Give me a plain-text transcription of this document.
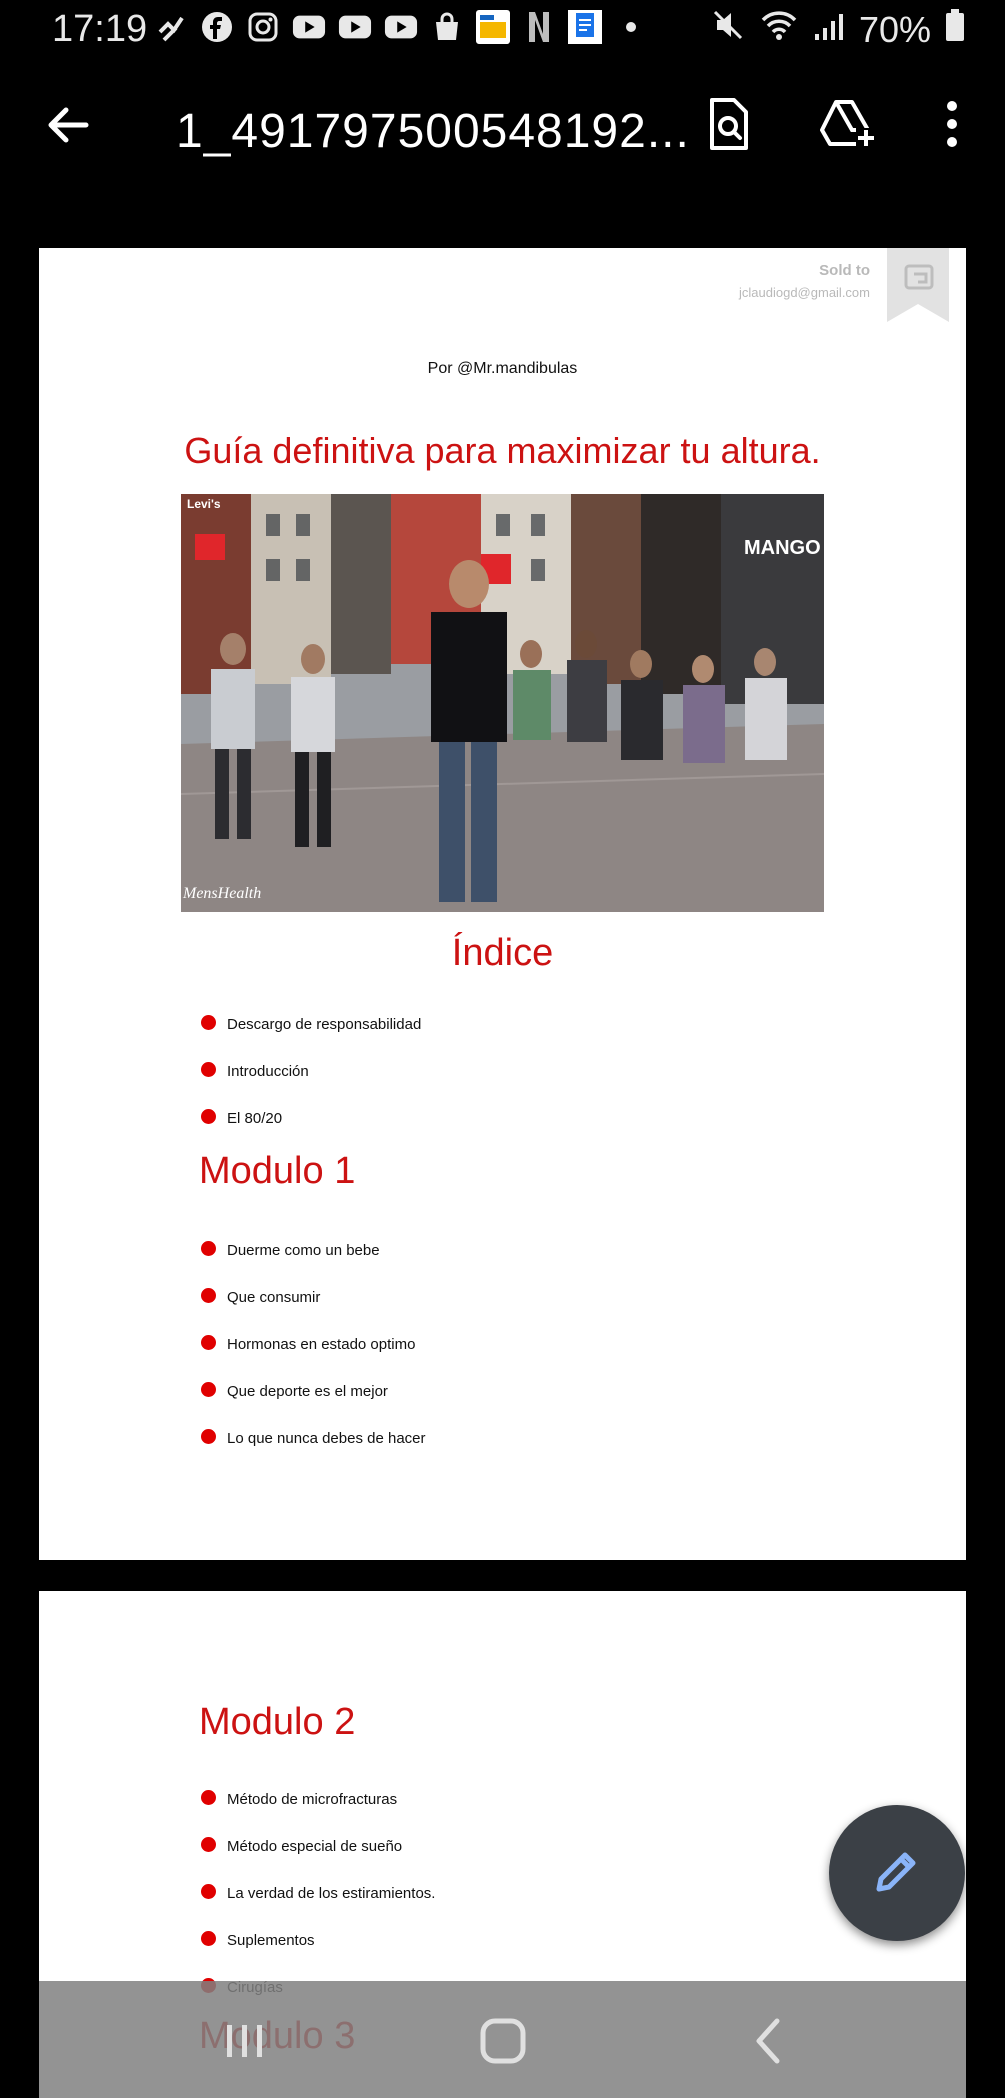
17:19	70%
1_491797500548192...
Sold to
jclaudiogd@gmail.com
Por @Mr.mandibulas
Guía definitiva para maximizar tu altura.
Levi's
MANGO
MensHealth
Índice
Descargo de responsabilidad
Introducción
El 80/20
Modulo 1
Duerme como un bebe
Que consumir
Hormonas en estado optimo
Que deporte es el mejor
Lo que nunca debes de hacer
Modulo 2
Método de microfracturas
Método especial de sueño
La verdad de los estiramientos.
Suplementos
